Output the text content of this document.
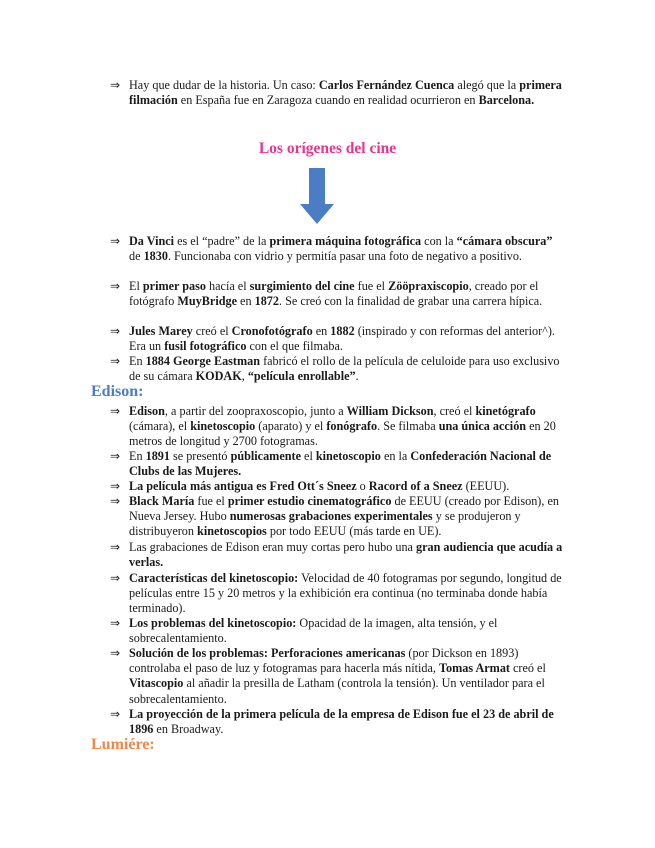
⇒ Hay que dudar de la historia. Un caso: Carlos Fernández Cuenca alegó que la primera filmación en España fue en Zaragoza cuando en realidad ocurrieron en Barcelona.
Los orígenes del cine
⇒ Da Vinci es el “padre” de la primera máquina fotográfica con la “cámara obscura” de 1830. Funcionaba con vidrio y permitía pasar una foto de negativo a positivo.
⇒ El primer paso hacía el surgimiento del cine fue el Zööpraxiscopio, creado por el fotógrafo MuyBridge en 1872. Se creó con la finalidad de grabar una carrera hípica.
⇒ Jules Marey creó el Cronofotógrafo en 1882 (inspirado y con reformas del anterior^). Era un fusil fotográfico con el que filmaba.
⇒ En 1884 George Eastman fabricó el rollo de la película de celuloide para uso exclusivo de su cámara KODAK, “película enrollable”.
Edison:
⇒ Edison, a partir del zoopraxoscopio, junto a William Dickson, creó el kinetógrafo (cámara), el kinetoscopio (aparato) y el fonógrafo. Se filmaba una única acción en 20 metros de longitud y 2700 fotogramas.
⇒ En 1891 se presentó públicamente el kinetoscopio en la Confederación Nacional de Clubs de las Mujeres.
⇒ La película más antigua es Fred Ott´s Sneez o Racord of a Sneez (EEUU).
⇒ Black María fue el primer estudio cinematográfico de EEUU (creado por Edison), en Nueva Jersey. Hubo numerosas grabaciones experimentales y se produjeron y distribuyeron kinetoscopios por todo EEUU (más tarde en UE).
⇒ Las grabaciones de Edison eran muy cortas pero hubo una gran audiencia que acudía a verlas.
⇒ Características del kinetoscopio: Velocidad de 40 fotogramas por segundo, longitud de películas entre 15 y 20 metros y la exhibición era continua (no terminaba donde había terminado).
⇒ Los problemas del kinetoscopio: Opacidad de la imagen, alta tensión, y el sobrecalentamiento.
⇒ Solución de los problemas: Perforaciones americanas (por Dickson en 1893) controlaba el paso de luz y fotogramas para hacerla más nítida, Tomas Armat creó el Vitascopio al añadir la presilla de Latham (controla la tensión). Un ventilador para el sobrecalentamiento.
⇒ La proyección de la primera película de la empresa de Edison fue el 23 de abril de 1896 en Broadway.
Lumiére:
